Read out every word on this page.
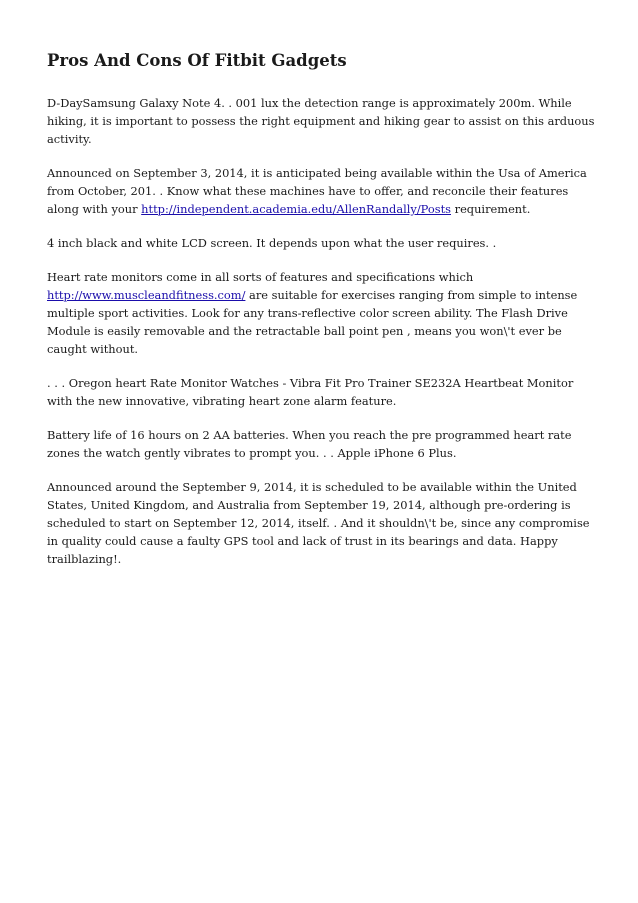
Pros And Cons Of Fitbit Gadgets

D-DaySamsung Galaxy Note 4. . 001 lux the detection range is approximately 200m. While hiking, it is important to possess the right equipment and hiking gear to assist on this arduous activity.

Announced on September 3, 2014, it is anticipated being available within the Usa of America from October, 201. . Know what these machines have to offer, and reconcile their features along with your http://independent.academia.edu/AllenRandally/Posts requirement.

4 inch black and white LCD screen. It depends upon what the user requires. .

Heart rate monitors come in all sorts of features and specifications which http://www.muscleandfitness.com/ are suitable for exercises ranging from simple to intense multiple sport activities. Look for any trans-reflective color screen ability. The Flash Drive Module is easily removable and the retractable ball point pen , means you won\'t ever be caught without.

. . . Oregon heart Rate Monitor Watches - Vibra Fit Pro Trainer SE232A Heartbeat Monitor with the new innovative, vibrating heart zone alarm feature.

Battery life of 16 hours on 2 AA batteries. When you reach the pre programmed heart rate zones the watch gently vibrates to prompt you. . . Apple iPhone 6 Plus.

Announced around the September 9, 2014, it is scheduled to be available within the United States, United Kingdom, and Australia from September 19, 2014, although pre-ordering is scheduled to start on September 12, 2014, itself. . And it shouldn\'t be, since any compromise in quality could cause a faulty GPS tool and lack of trust in its bearings and data. Happy trailblazing!.
